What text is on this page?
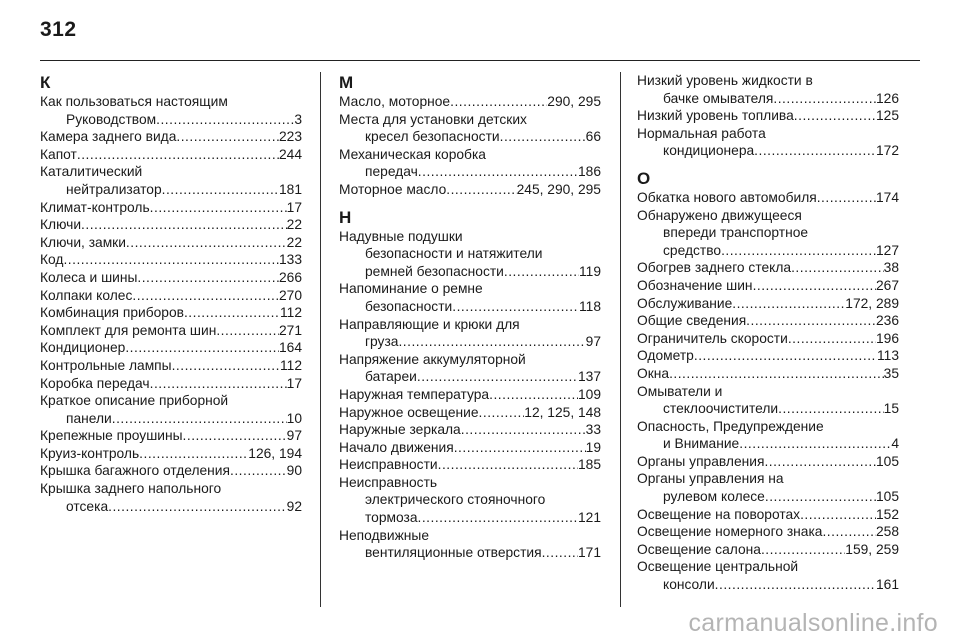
312
К
Как пользоваться настоящим
Руководством .....	3
Камера заднего вида .....	223
Капот .....	244
Каталитический
нейтрализатор .....	181
Климат-контроль .....	17
Ключи .....	22
Ключи, замки .....	22
Код .....	133
Колеса и шины .....	266
Колпаки колес .....	270
Комбинация приборов .....	112
Комплект для ремонта шин .....	271
Кондиционер .....	164
Контрольные лампы .....	112
Коробка передач .....	17
Краткое описание приборной
панели .....	10
Крепежные проушины .....	97
Круиз-контроль .....	126, 194
Крышка багажного отделения .....	90
Крышка заднего напольного
отсека .....	92
М
Масло, моторное .....	290, 295
Места для установки детских
кресел безопасности .....	66
Механическая коробка
передач .....	186
Моторное масло .....	245, 290, 295
Н
Надувные подушки
безопасности и натяжители
ремней безопасности .....	119
Напоминание о ремне
безопасности .....	118
Направляющие и крюки для
груза .....	97
Напряжение аккумуляторной
батареи .....	137
Наружная температура .....	109
Наружное освещение .....	12, 125, 148
Наружные зеркала .....	33
Начало движения .....	19
Неисправности .....	185
Неисправность
электрического стояночного
тормоза .....	121
Неподвижные
вентиляционные отверстия .....	171
Низкий уровень жидкости в
бачке омывателя .....	126
Низкий уровень топлива .....	125
Нормальная работа
кондиционера .....	172
О
Обкатка нового автомобиля .....	174
Обнаружено движущееся
впереди транспортное
средство .....	127
Обогрев заднего стекла .....	38
Обозначение шин .....	267
Обслуживание .....	172, 289
Общие сведения .....	236
Ограничитель скорости .....	196
Одометр .....	113
Окна .....	35
Омыватели и
стеклоочистители .....	15
Опасность, Предупреждение
и Внимание .....	4
Органы управления .....	105
Органы управления на
рулевом колесе .....	105
Освещение на поворотах .....	152
Освещение номерного знака .....	258
Освещение салона .....	159, 259
Освещение центральной
консоли .....	161
carmanualsonline.info
